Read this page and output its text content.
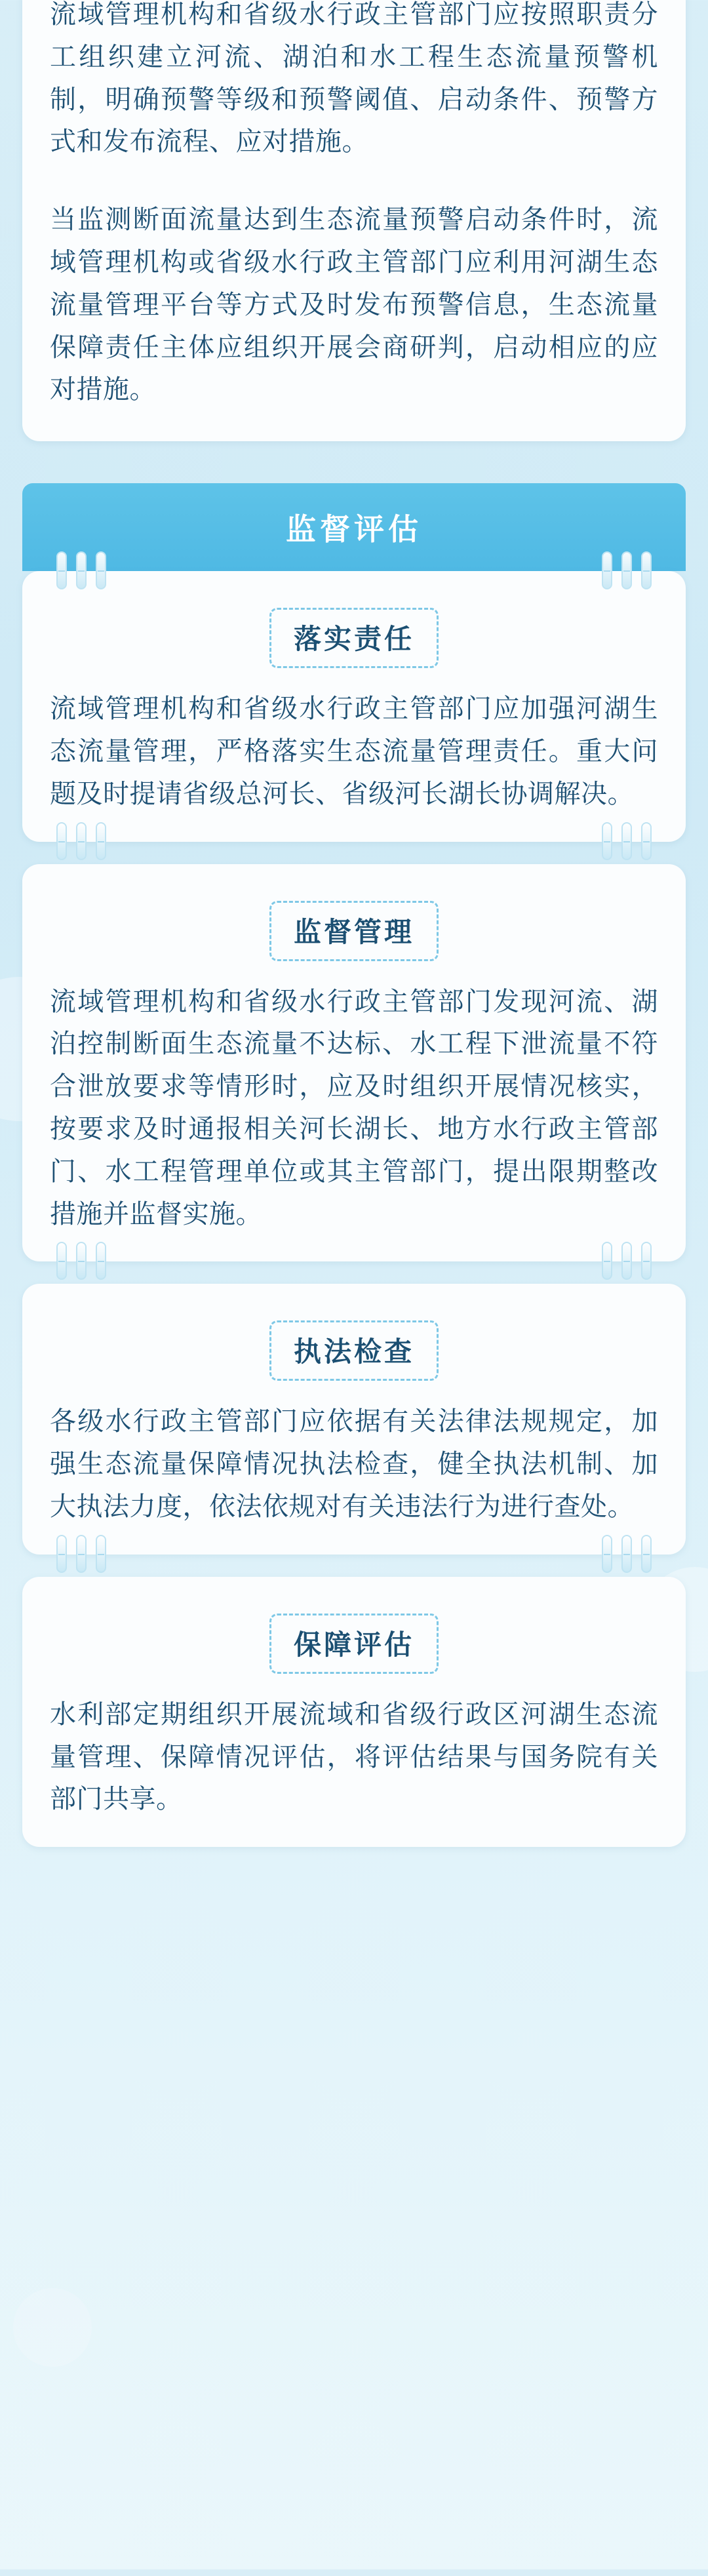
流域管理机构和省级水行政主管部门应按照职责分工组织建立河流、湖泊和水工程生态流量预警机制，明确预警等级和预警阈值、启动条件、预警方式和发布流程、应对措施。

当监测断面流量达到生态流量预警启动条件时，流域管理机构或省级水行政主管部门应利用河湖生态流量管理平台等方式及时发布预警信息，生态流量保障责任主体应组织开展会商研判，启动相应的应对措施。

监督评估
落实责任

流域管理机构和省级水行政主管部门应加强河湖生态流量管理，严格落实生态流量管理责任。重大问题及时提请省级总河长、省级河长湖长协调解决。

监督管理

流域管理机构和省级水行政主管部门发现河流、湖泊控制断面生态流量不达标、水工程下泄流量不符合泄放要求等情形时，应及时组织开展情况核实，按要求及时通报相关河长湖长、地方水行政主管部门、水工程管理单位或其主管部门，提出限期整改措施并监督实施。

执法检查

各级水行政主管部门应依据有关法律法规规定，加强生态流量保障情况执法检查，健全执法机制、加大执法力度，依法依规对有关违法行为进行查处。

保障评估

水利部定期组织开展流域和省级行政区河湖生态流量管理、保障情况评估，将评估结果与国务院有关部门共享。
